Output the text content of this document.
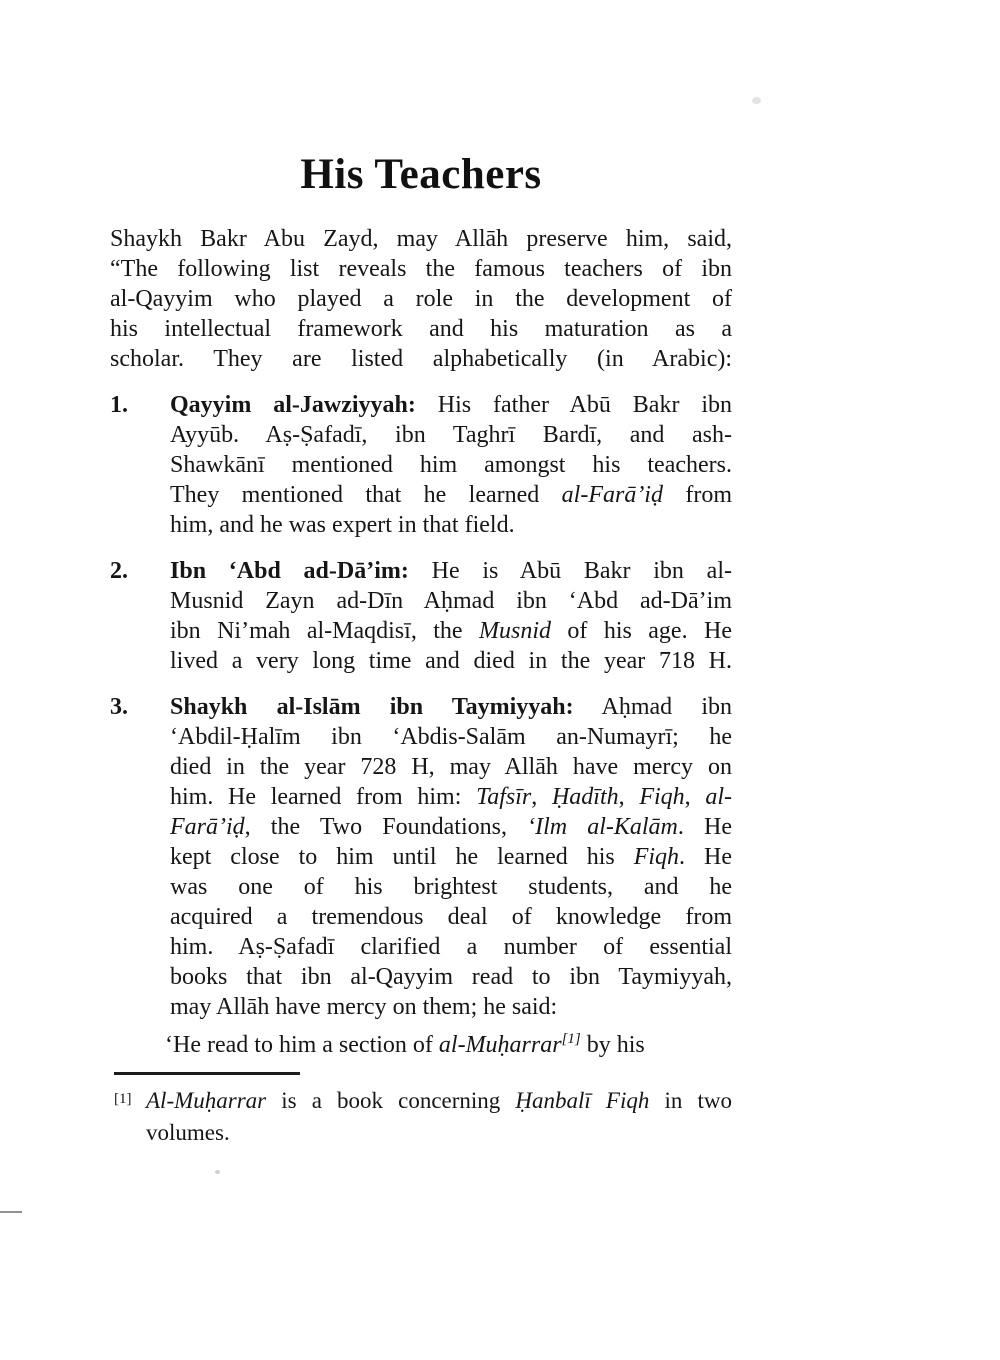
His Teachers
Shaykh Bakr Abu Zayd, may Allāh preserve him, said,
“The following list reveals the famous teachers of ibn
al-Qayyim who played a role in the development of
his intellectual framework and his maturation as a
scholar. They are listed alphabetically (in Arabic):
1.	Qayyim al-Jawziyyah: His father Abū Bakr ibn
Ayyūb. Aṣ-Ṣafadī, ibn Taghrī Bardī, and ash-
Shawkānī mentioned him amongst his teachers.
They mentioned that he learned al-Farā’iḍ from
him, and he was expert in that field.
2.	Ibn ‘Abd ad-Dā’im: He is Abū Bakr ibn al-
Musnid Zayn ad-Dīn Aḥmad ibn ‘Abd ad-Dā’im
ibn Ni’mah al-Maqdisī, the Musnid of his age. He
lived a very long time and died in the year 718 H.
3.	Shaykh al-Islām ibn Taymiyyah: Aḥmad ibn
‘Abdil-Ḥalīm ibn ‘Abdis-Salām an-Numayrī; he
died in the year 728 H, may Allāh have mercy on
him. He learned from him: Tafsīr, Ḥadīth, Fiqh, al-
Farā’iḍ, the Two Foundations, ‘Ilm al-Kalām. He
kept close to him until he learned his Fiqh. He
was one of his brightest students, and he
acquired a tremendous deal of knowledge from
him. Aṣ-Ṣafadī clarified a number of essential
books that ibn al-Qayyim read to ibn Taymiyyah,
may Allāh have mercy on them; he said:
‘He read to him a section of al-Muḥarrar[1] by his
[1] Al-Muḥarrar is a book concerning Ḥanbalī Fiqh in two
volumes.
